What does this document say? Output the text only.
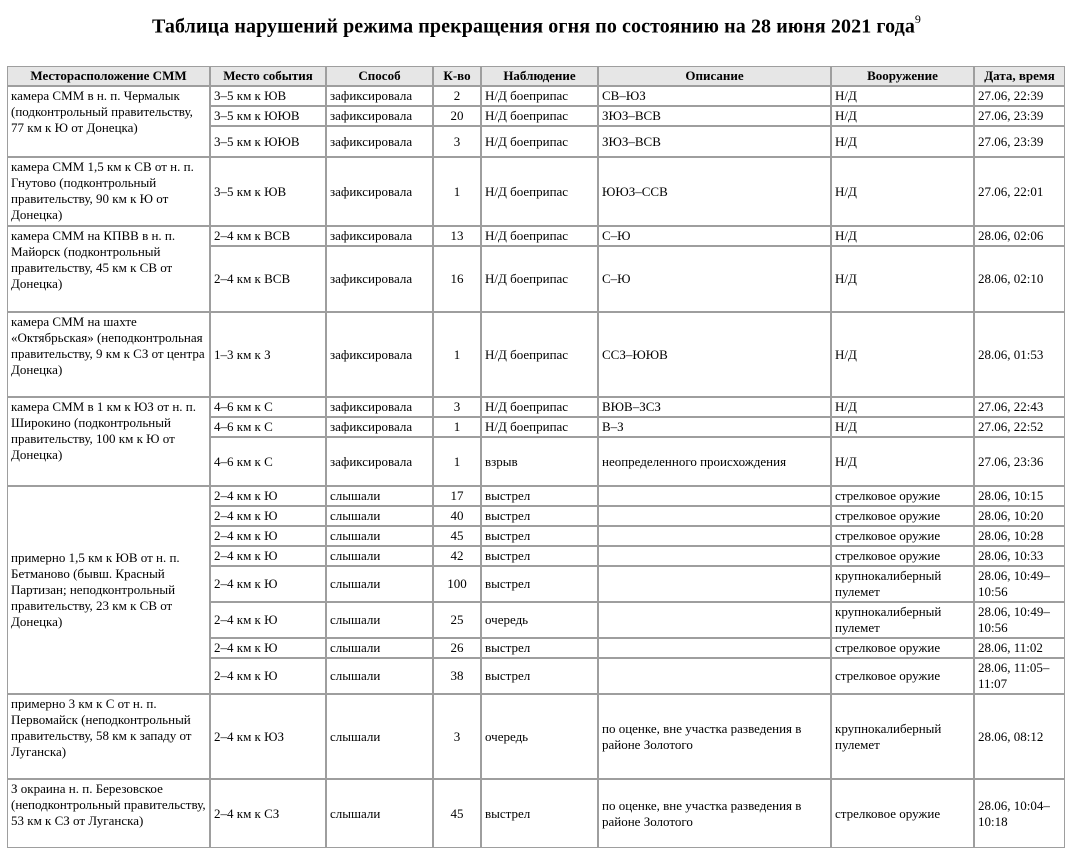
Таблица нарушений режима прекращения огня по состоянию на 28 июня 2021 года$^9$
Месторасположение СММ	Место события	Способ	К-во	Наблюдение	Описание	Вооружение	Дата, время
камера СММ в н. п. Чермалык (подконтрольный правительству, 77 км к Ю от Донецка)	3–5 км к ЮВ	зафиксировала	2	Н/Д боеприпас	СВ–ЮЗ	Н/Д	27.06, 22:39
	3–5 км к ЮЮВ	зафиксировала	20	Н/Д боеприпас	ЗЮЗ–ВСВ	Н/Д	27.06, 23:39
	3–5 км к ЮЮВ	зафиксировала	3	Н/Д боеприпас	ЗЮЗ–ВСВ	Н/Д	27.06, 23:39
камера СММ 1,5 км к СВ от н. п. Гнутово (подконтрольный правительству, 90 км к Ю от Донецка)	3–5 км к ЮВ	зафиксировала	1	Н/Д боеприпас	ЮЮЗ–ССВ	Н/Д	27.06, 22:01
камера СММ на КПВВ в н. п. Майорск (подконтрольный правительству, 45 км к СВ от Донецка)	2–4 км к ВСВ	зафиксировала	13	Н/Д боеприпас	С–Ю	Н/Д	28.06, 02:06
	2–4 км к ВСВ	зафиксировала	16	Н/Д боеприпас	С–Ю	Н/Д	28.06, 02:10
камера СММ на шахте «Октябрьская» (неподконтрольная правительству, 9 км к СЗ от центра Донецка)	1–3 км к З	зафиксировала	1	Н/Д боеприпас	ССЗ–ЮЮВ	Н/Д	28.06, 01:53
камера СММ в 1 км к ЮЗ от н. п. Широкино (подконтрольный правительству, 100 км к Ю от Донецка)	4–6 км к С	зафиксировала	3	Н/Д боеприпас	ВЮВ–ЗСЗ	Н/Д	27.06, 22:43
	4–6 км к С	зафиксировала	1	Н/Д боеприпас	В–З	Н/Д	27.06, 22:52
	4–6 км к С	зафиксировала	1	взрыв	неопределенного происхождения	Н/Д	27.06, 23:36
примерно 1,5 км к ЮВ от н. п. Бетманово (бывш. Красный Партизан; неподконтрольный правительству, 23 км к СВ от Донецка)	2–4 км к Ю	слышали	17	выстрел		стрелковое оружие	28.06, 10:15
	2–4 км к Ю	слышали	40	выстрел		стрелковое оружие	28.06, 10:20
	2–4 км к Ю	слышали	45	выстрел		стрелковое оружие	28.06, 10:28
	2–4 км к Ю	слышали	42	выстрел		стрелковое оружие	28.06, 10:33
	2–4 км к Ю	слышали	100	выстрел		крупнокалиберный пулемет	28.06, 10:49–10:56
	2–4 км к Ю	слышали	25	очередь		крупнокалиберный пулемет	28.06, 10:49–10:56
	2–4 км к Ю	слышали	26	выстрел		стрелковое оружие	28.06, 11:02
	2–4 км к Ю	слышали	38	выстрел		стрелковое оружие	28.06, 11:05–11:07
примерно 3 км к С от н. п. Первомайск (неподконтрольный правительству, 58 км к западу от Луганска)	2–4 км к ЮЗ	слышали	3	очередь	по оценке, вне участка разведения в районе Золотого	крупнокалиберный пулемет	28.06, 08:12
З окраина н. п. Березовское (неподконтрольный правительству, 53 км к СЗ от Луганска)	2–4 км к СЗ	слышали	45	выстрел	по оценке, вне участка разведения в районе Золотого	стрелковое оружие	28.06, 10:04–10:18
